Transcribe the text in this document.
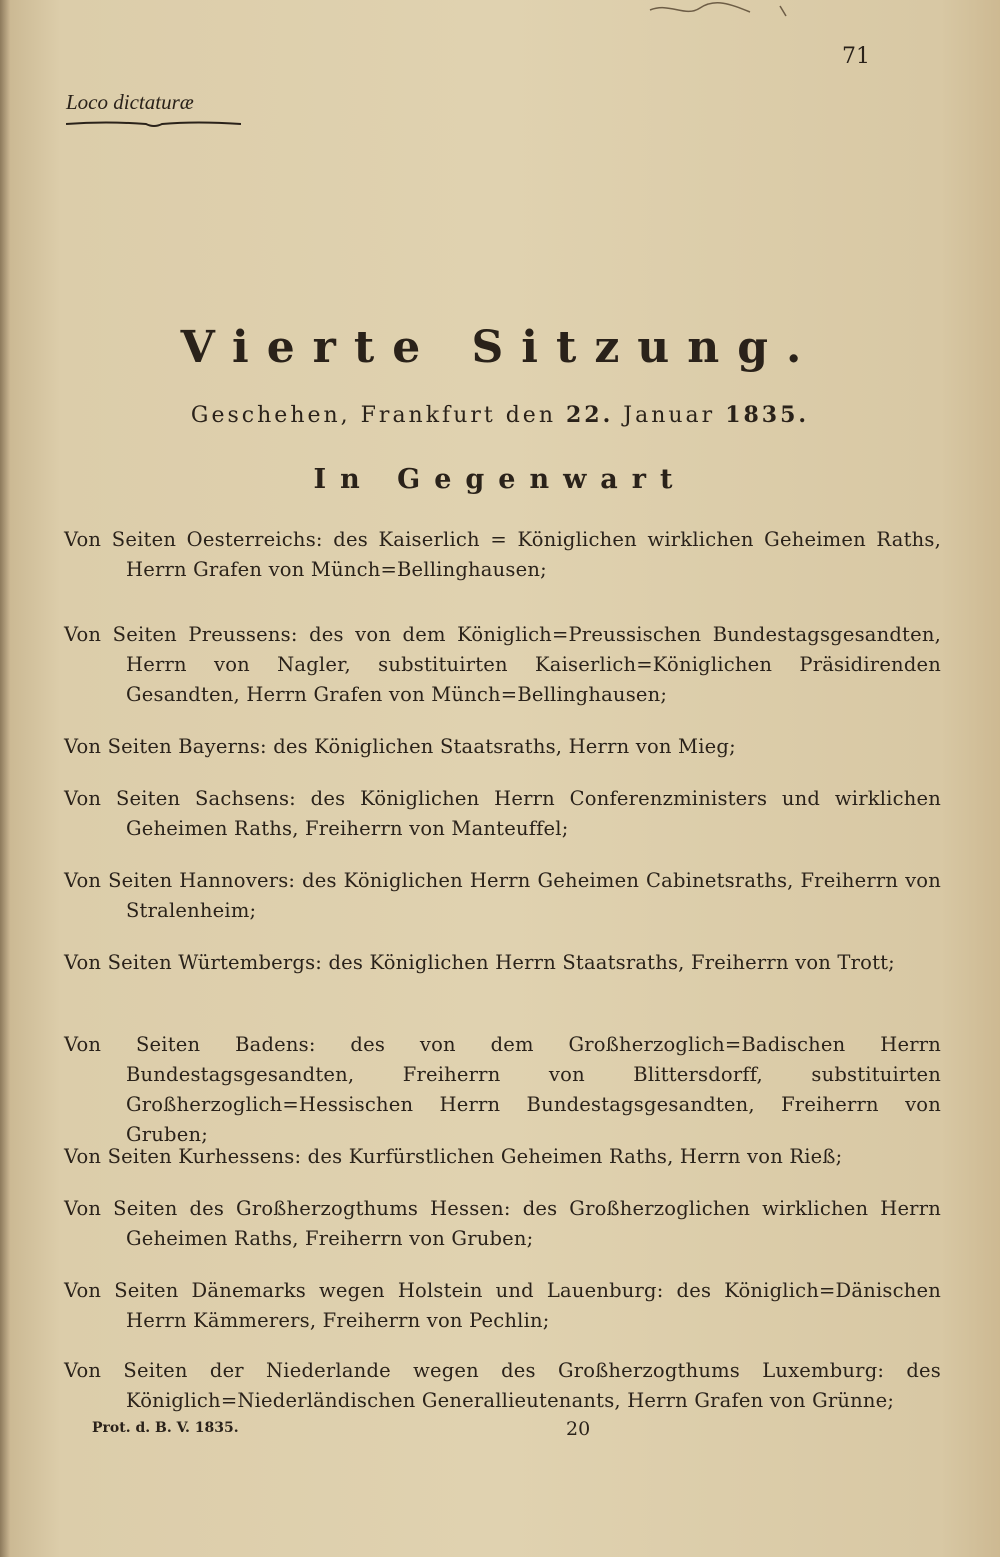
71
Loco dictaturæ
Vierte Sitzung.
Geschehen, Frankfurt den 22. Januar 1835.
In Gegenwart

Von Seiten Oesterreichs: des Kaiserlich = Königlichen wirklichen Geheimen Raths, Herrn Grafen von Münch=Bellinghausen;

Von Seiten Preussens: des von dem Königlich=Preussischen Bundestagsgesandten, Herrn von Nagler, substituirten Kaiserlich=Königlichen Präsidirenden Gesandten, Herrn Grafen von Münch=Bellinghausen;

Von Seiten Bayerns: des Königlichen Staatsraths, Herrn von Mieg;

Von Seiten Sachsens: des Königlichen Herrn Conferenzministers und wirklichen Geheimen Raths, Freiherrn von Manteuffel;

Von Seiten Hannovers: des Königlichen Herrn Geheimen Cabinetsraths, Freiherrn von Stralenheim;

Von Seiten Würtembergs: des Königlichen Herrn Staatsraths, Freiherrn von Trott;

Von Seiten Badens: des von dem Großherzoglich=Badischen Herrn Bundestagsgesandten, Freiherrn von Blittersdorff, substituirten Großherzoglich=Hessischen Herrn Bundestagsgesandten, Freiherrn von Gruben;

Von Seiten Kurhessens: des Kurfürstlichen Geheimen Raths, Herrn von Rieß;

Von Seiten des Großherzogthums Hessen: des Großherzoglichen wirklichen Herrn Geheimen Raths, Freiherrn von Gruben;

Von Seiten Dänemarks wegen Holstein und Lauenburg: des Königlich=Dänischen Herrn Kämmerers, Freiherrn von Pechlin;

Von Seiten der Niederlande wegen des Großherzogthums Luxemburg: des Königlich=Niederländischen Generallieutenants, Herrn Grafen von Grünne;

Prot. d. B. V. 1835.	20
